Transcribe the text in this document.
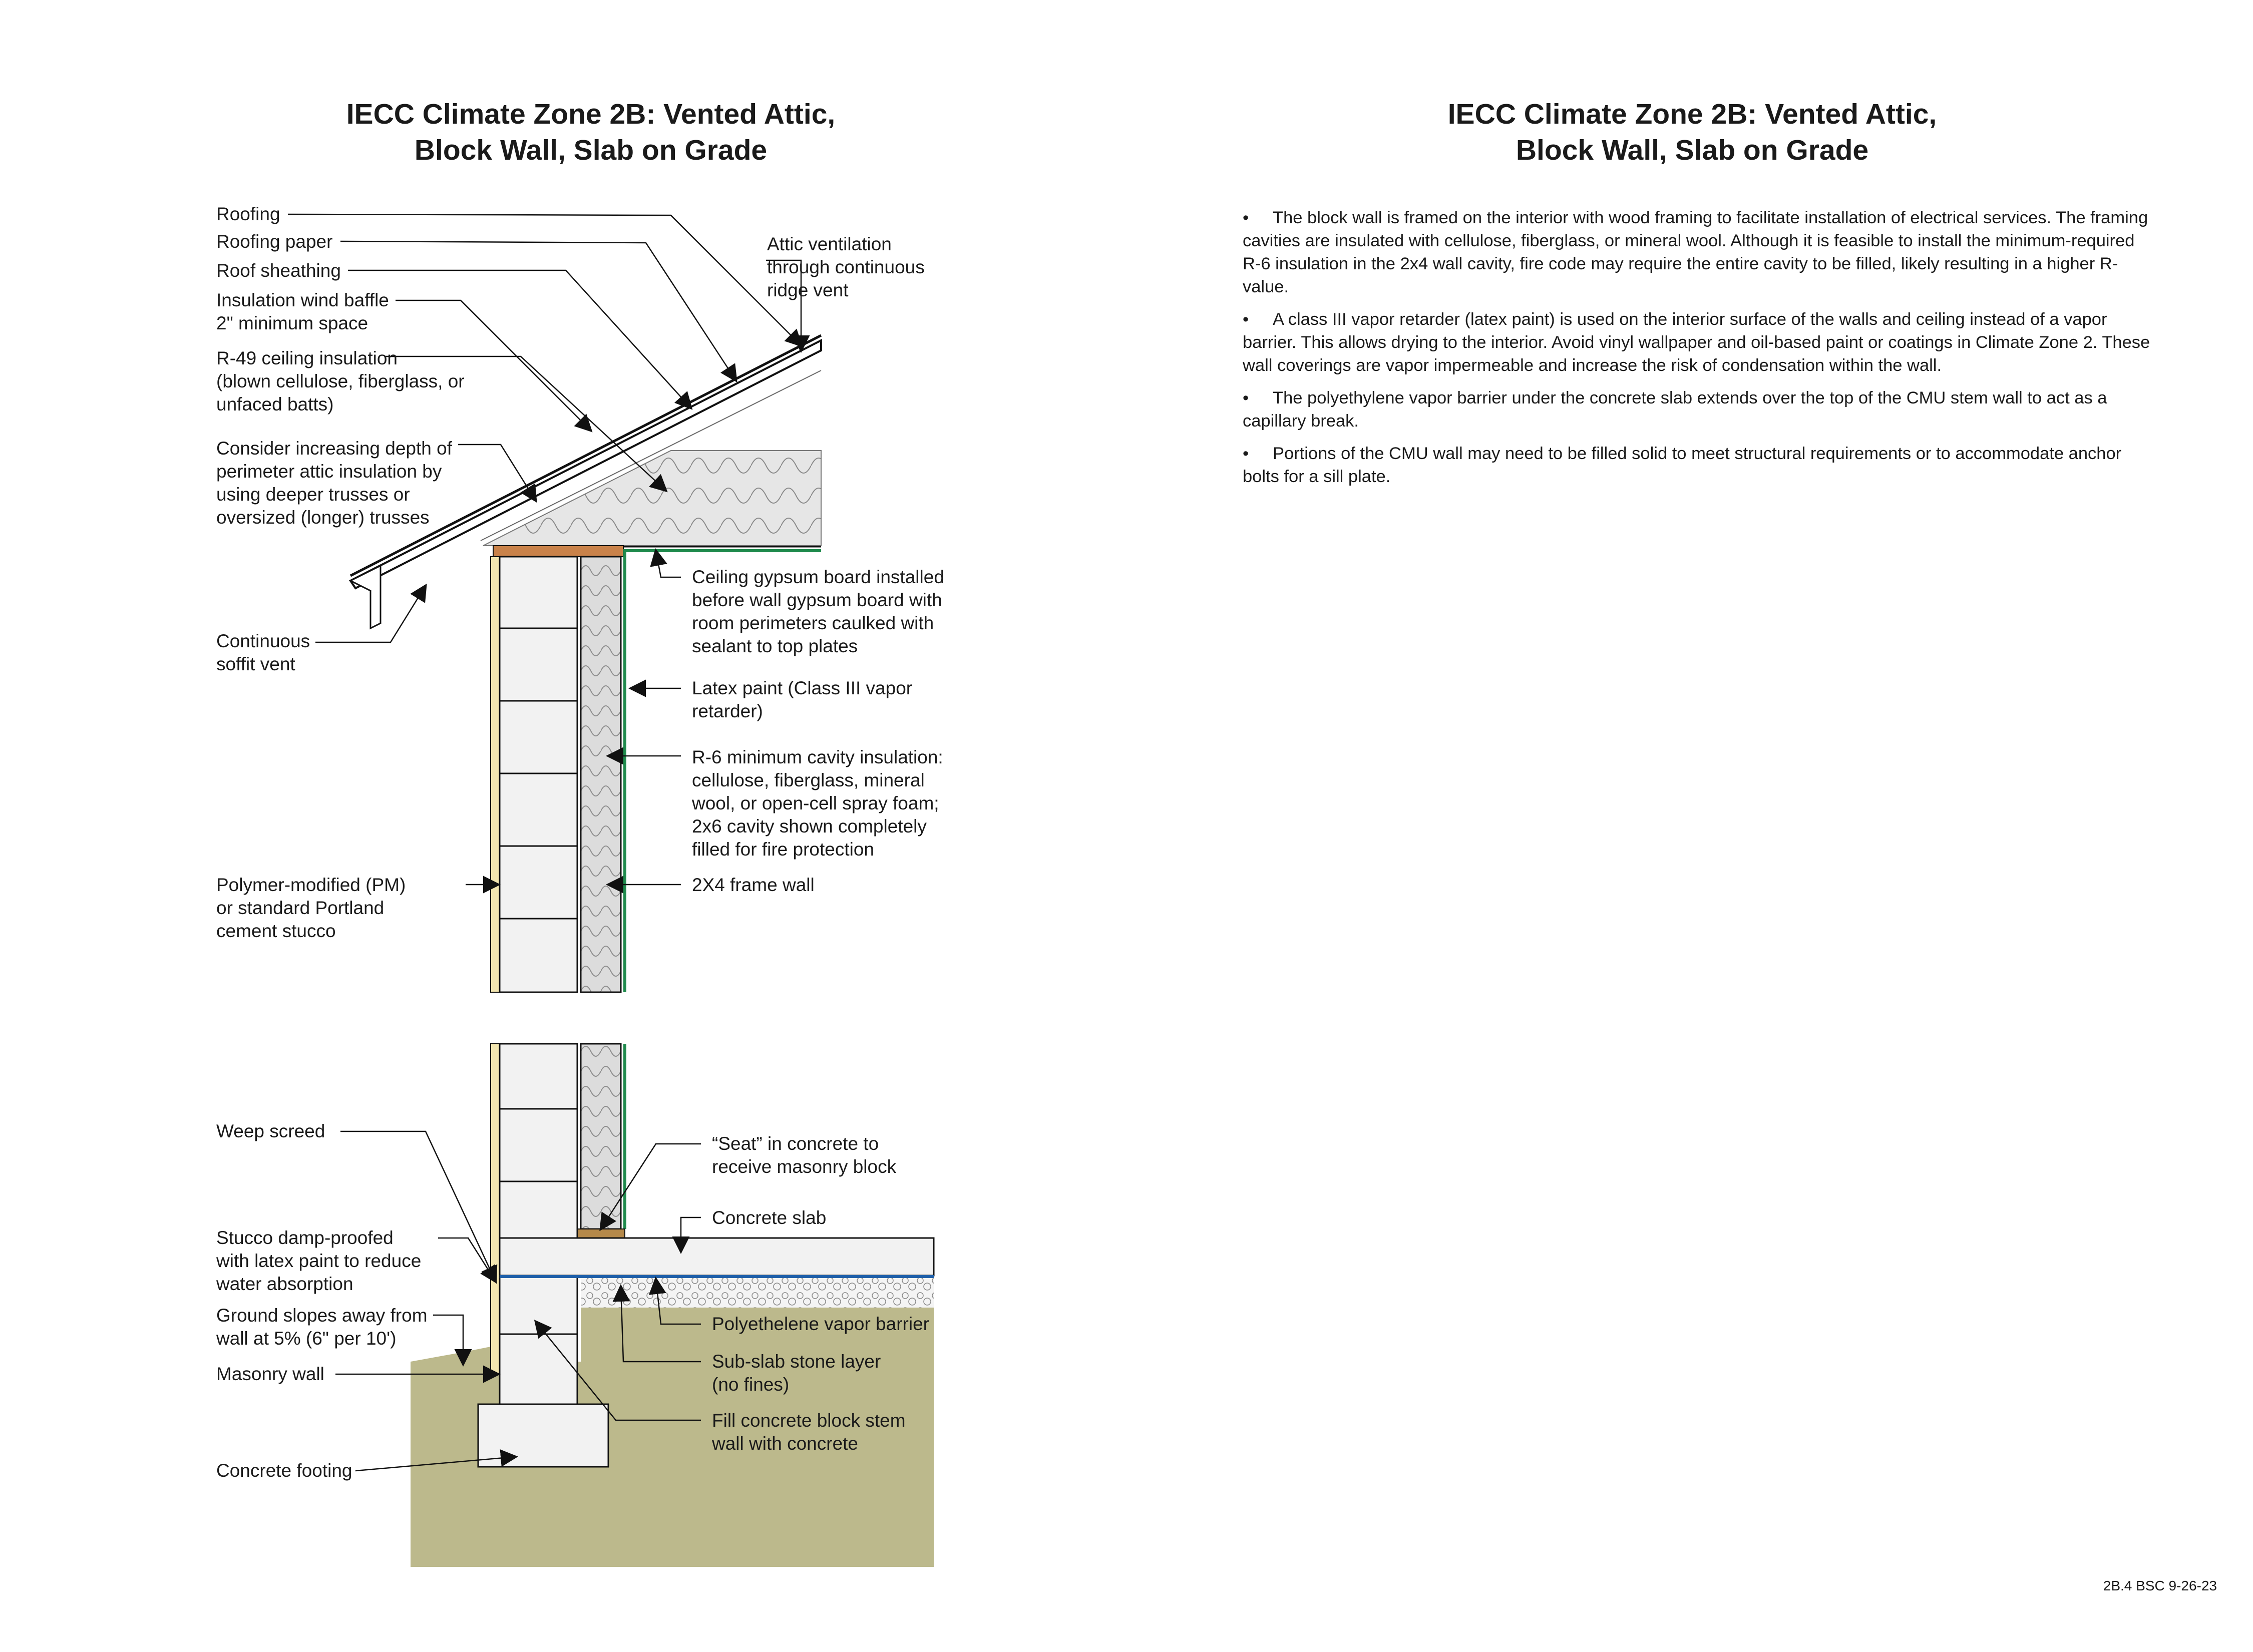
IECC Climate Zone 2B: Vented Attic,
Block Wall, Slab on Grade
IECC Climate Zone 2B: Vented Attic,
Block Wall, Slab on Grade
Roofing
Roofing paper
Roof sheathing
Insulation wind baffle
2" minimum space
R-49 ceiling insulation
(blown cellulose, fiberglass, or
unfaced batts)
Consider increasing depth of
perimeter attic insulation by
using deeper trusses or
oversized (longer) trusses
Continuous
soffit vent
Polymer-modified (PM)
or standard Portland
cement stucco
Weep screed
Stucco damp-proofed
with latex paint to reduce
water absorption
Ground slopes away from
wall at 5% (6" per 10')
Masonry wall
Concrete footing
Attic ventilation
through continuous
ridge vent
Ceiling gypsum board installed
before wall gypsum board with
room perimeters caulked with
sealant to top plates
Latex paint (Class III vapor
retarder)
R-6 minimum cavity insulation:
cellulose, fiberglass, mineral
wool, or open-cell spray foam;
2x6 cavity shown completely
filled for fire protection
2X4 frame wall
“Seat” in concrete to
receive masonry block
Concrete slab
Polyethelene vapor barrier
Sub-slab stone layer
(no fines)
Fill concrete block stem
wall with concrete
• The block wall is framed on the interior with wood framing to facilitate installation of electrical services. The framing cavities are insulated with cellulose, fiberglass, or mineral wool. Although it is feasible to install the minimum-required R-6 insulation in the 2x4 wall cavity, fire code may require the entire cavity to be filled, likely resulting in a higher R-value.
• A class III vapor retarder (latex paint) is used on the interior surface of the walls and ceiling instead of a vapor barrier. This allows drying to the interior. Avoid vinyl wallpaper and oil-based paint or coatings in Climate Zone 2. These wall coverings are vapor impermeable and increase the risk of condensation within the wall.
• The polyethylene vapor barrier under the concrete slab extends over the top of the CMU stem wall to act as a capillary break.
• Portions of the CMU wall may need to be filled solid to meet structural requirements or to accommodate anchor bolts for a sill plate.
2B.4 BSC 9-26-23
